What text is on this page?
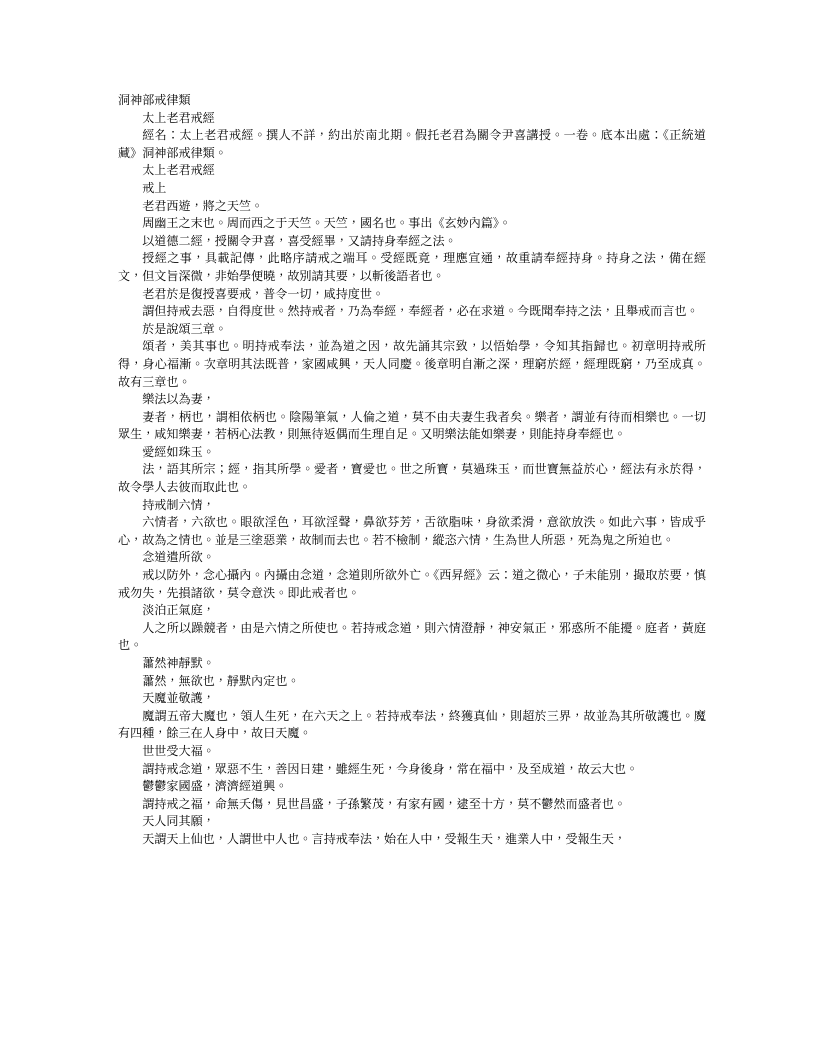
洞神部戒律類

太上老君戒經

經名：太上老君戒經。撰人不詳，約出於南北期。假托老君為關令尹喜講授。一卷。底本出處：《正統道藏》洞神部戒律類。

太上老君戒經

戒上

老君西遊，將之天竺。

周幽王之末也。周而西之于天竺。天竺，國名也。事出《玄妙內篇》。

以道德二經，授關令尹喜，喜受經畢，又請持身奉經之法。

授經之事，具載記傳，此略序請戒之端耳。受經既竟，理應宣通，故重請奉經持身。持身之法，備在經文，但文旨深微，非始學便曉，故別請其要，以斬後語者也。

老君於是復授喜要戒，普令一切，咸持度世。

謂但持戒去惡，自得度世。然持戒者，乃為奉經，奉經者，必在求道。今既聞奉持之法，且舉戒而言也。

於是說頌三章。

頌者，美其事也。明持戒奉法，並為道之因，故先誦其宗致，以悟始學，令知其指歸也。初章明持戒所得，身心福漸。次章明其法既普，家國咸興，天人同慶。後章明自漸之深，理窮於經，經理既窮，乃至成真。故有三章也。

樂法以為妻，

妻者，柄也，謂相依柄也。陰陽筆氣，人倫之道，莫不由夫妻生我者矣。樂者，謂並有待而相樂也。一切眾生，咸知樂妻，若柄心法教，則無待返偶而生理自足。又明樂法能如樂妻，則能持身奉經也。

愛經如珠玉。

法，語其所宗；經，指其所學。愛者，寶愛也。世之所寶，莫過珠玉，而世寶無益於心，經法有永於得，故令學人去彼而取此也。

持戒制六情，

六情者，六欲也。眼欲淫色，耳欲淫聲，鼻欲芬芳，舌欲脂味，身欲柔滑，意欲放泆。如此六事，皆成乎心，故為之情也。並是三塗惡業，故制而去也。若不檢制，縱恣六情，生為世人所惡，死為鬼之所迫也。

念道遣所欲。

戒以防外，念心攝內。內攝由念道，念道則所欲外亡。《西昇經》云：道之微心，子未能別，撮取於要，慎戒勿失，先損諸欲，莫令意泆。即此戒者也。

淡泊正氣庭，

人之所以躁競者，由是六情之所使也。若持戒念道，則六情澄靜，神安氣正，邪惑所不能擾。庭者，黃庭也。

蕭然神靜默。

蕭然，無欲也，靜默內定也。

天魔並敬護，

魔謂五帝大魔也，領人生死，在六天之上。若持戒奉法，終獲真仙，則超於三界，故並為其所敬護也。魔有四種，餘三在人身中，故曰天魔。

世世受大福。

謂持戒念道，眾惡不生，善因日建，雖經生死，今身後身，常在福中，及至成道，故云大也。

鬱鬱家國盛，濟濟經道興。

謂持戒之福，命無夭傷，見世昌盛，子孫繁茂，有家有國，逮至十方，莫不鬱然而盛者也。

天人同其願，

天謂天上仙也，人謂世中人也。言持戒奉法，始在人中，受報生天，進業人中，受報生天，
